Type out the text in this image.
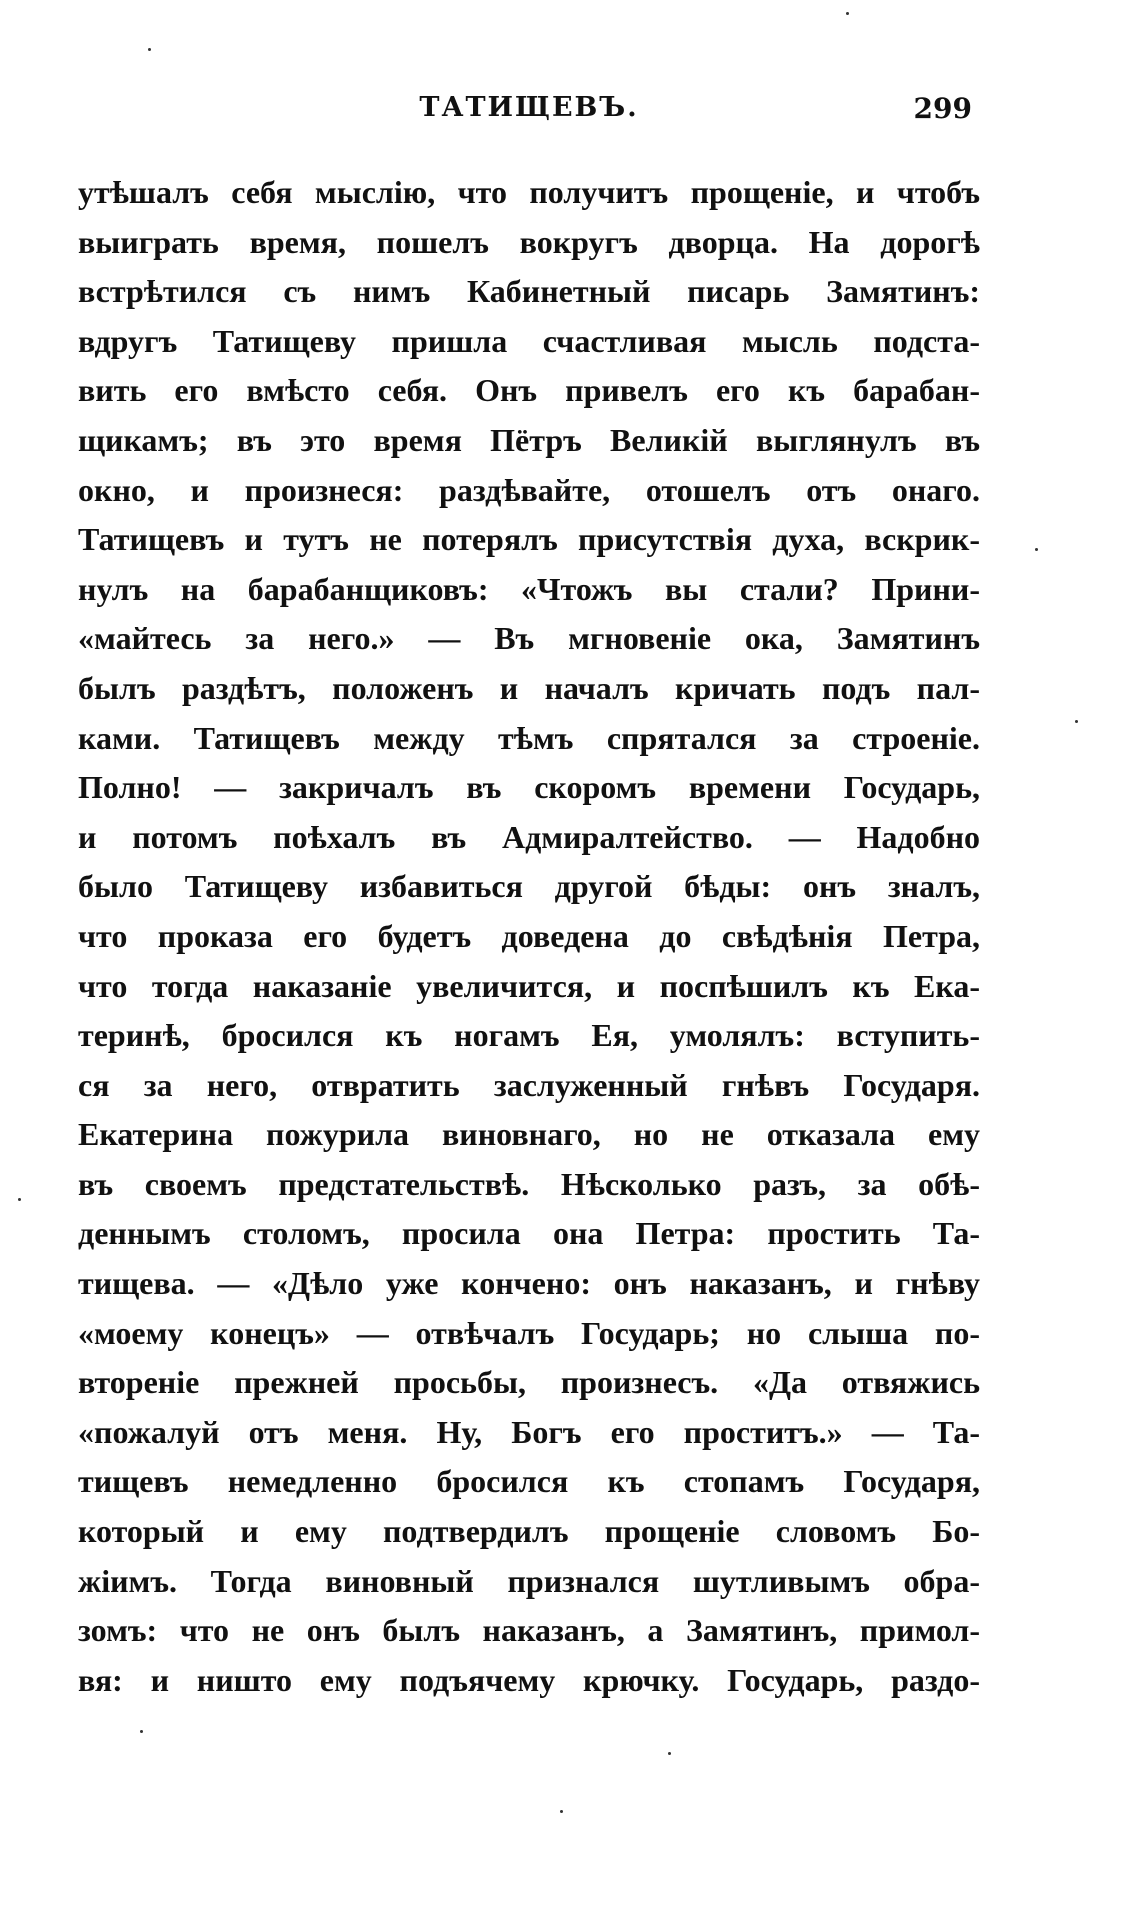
ТАТИЩЕВЪ.	299
утѣшалъ себя мыслію, что получитъ прощеніе, и чтобъ
выиграть время, пошелъ вокругъ дворца. На дорогѣ
встрѣтился съ нимъ Кабинетный писарь Замятинъ:
вдругъ Татищеву пришла счастливая мысль подста-
вить его вмѣсто себя. Онъ привелъ его къ барабан-
щикамъ; въ это время Пётръ Великій выглянулъ въ
окно, и произнеся: раздѣвайте, отошелъ отъ онаго.
Татищевъ и тутъ не потерялъ присутствія духа, вскрик-
нулъ на барабанщиковъ: «Чтожъ вы стали? Прини-
«майтесь за него.» — Въ мгновеніе ока, Замятинъ
былъ раздѣтъ, положенъ и началъ кричать подъ пал-
ками. Татищевъ между тѣмъ спрятался за строеніе.
Полно! — закричалъ въ скоромъ времени Государь,
и потомъ поѣхалъ въ Адмиралтейство. — Надобно
было Татищеву избавиться другой бѣды: онъ зналъ,
что проказа его будетъ доведена до свѣдѣнія Петра,
что тогда наказаніе увеличится, и поспѣшилъ къ Ека-
теринѣ, бросился къ ногамъ Ея, умолялъ: вступить-
ся за него, отвратить заслуженный гнѣвъ Государя.
Екатерина пожурила виновнаго, но не отказала ему
въ своемъ предстательствѣ. Нѣсколько разъ, за обѣ-
деннымъ столомъ, просила она Петра: простить Та-
тищева. — «Дѣло уже кончено: онъ наказанъ, и гнѣву
«моему конецъ» — отвѣчалъ Государь; но слыша по-
втореніе прежней просьбы, произнесъ. «Да отвяжись
«пожалуй отъ меня. Ну, Богъ его проститъ.» — Та-
тищевъ немедленно бросился къ стопамъ Государя,
который и ему подтвердилъ прощеніе словомъ Бо-
жіимъ. Тогда виновный признался шутливымъ обра-
зомъ: что не онъ былъ наказанъ, а Замятинъ, примол-
вя: и ништо ему подъячему крючку. Государь, раздо-
